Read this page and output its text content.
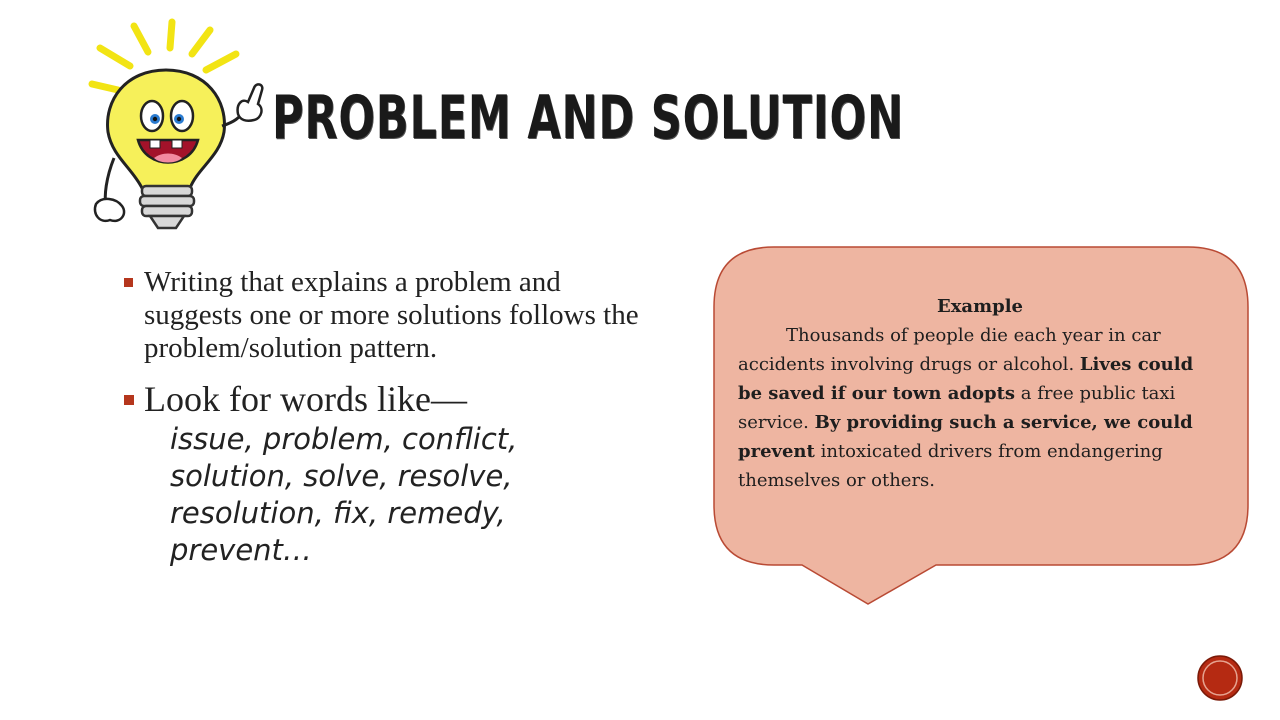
PROBLEM AND SOLUTION
Writing that explains a problem and suggests one or more solutions follows the problem/solution pattern.
Look for words like—
issue, problem, conflict, solution, solve, resolve, resolution, fix, remedy, prevent…
Example
Thousands of people die each year in car accidents involving drugs or alcohol. Lives could be saved if our town adopts a free public taxi service. By providing such a service, we could prevent intoxicated drivers from endangering themselves or others.
